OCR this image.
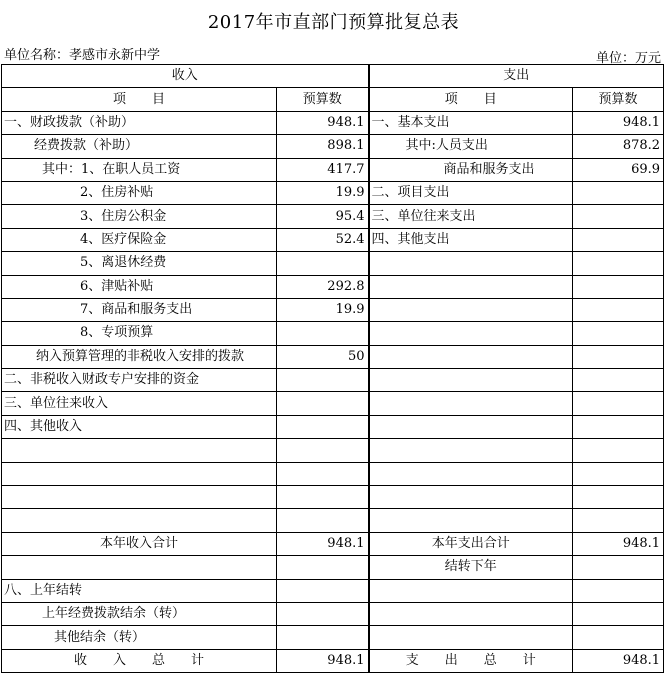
2017年市直部门预算批复总表
单位名称：孝感市永新中学	单位：万元
收入		支出	
项　　目	预算数	项　　目	预算数
一、财政拨款（补助）	948.1	一、基本支出	948.1
经费拨款（补助）	898.1	其中:人员支出	878.2
其中：1、在职人员工资	417.7	商品和服务支出	69.9
2、住房补贴	19.9	二、项目支出	
3、住房公积金	95.4	三、单位往来支出	
4、医疗保险金	52.4	四、其他支出	
5、离退休经费			
6、津贴补贴	292.8		
7、商品和服务支出	19.9		
8、专项预算			
纳入预算管理的非税收入安排的拨款	50		
二、非税收入财政专户安排的资金			
三、单位往来收入			
四、其他收入			

本年收入合计	948.1	本年支出合计	948.1
		结转下年	
八、上年结转			
上年经费拨款结余（转）			
其他结余（转）			
收　　入　　总　　计	948.1	支　　出　　总　　计	948.1
